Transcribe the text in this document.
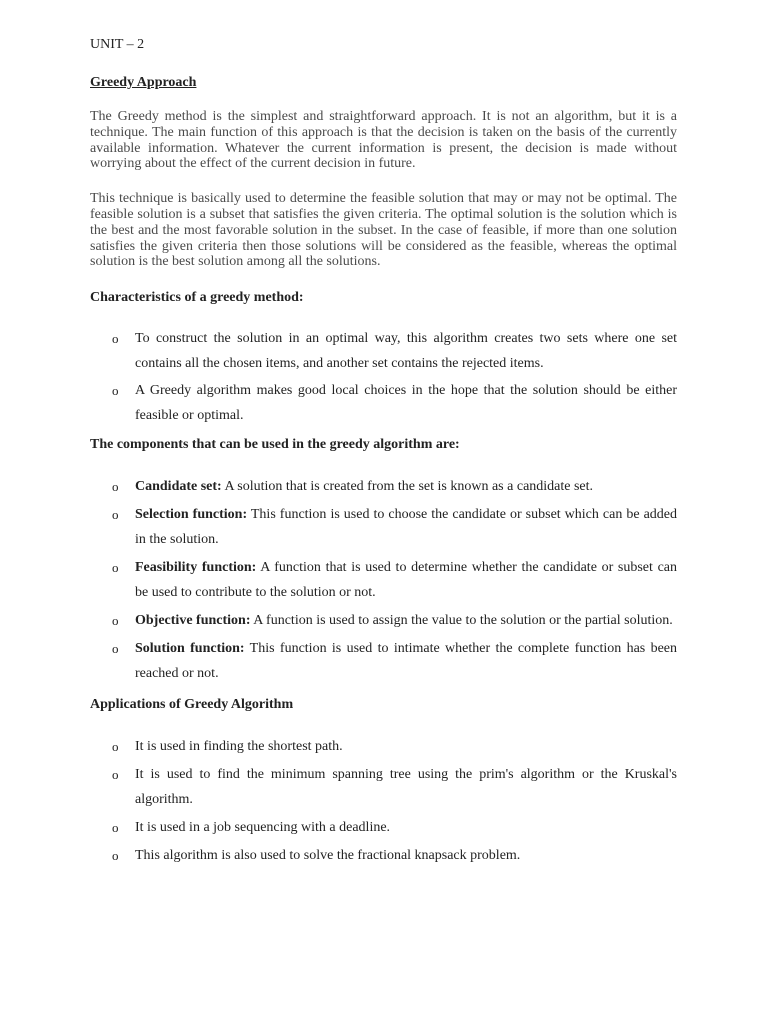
UNIT – 2
Greedy Approach

The Greedy method is the simplest and straightforward approach. It is not an algorithm, but it is a technique. The main function of this approach is that the decision is taken on the basis of the currently available information. Whatever the current information is present, the decision is made without worrying about the effect of the current decision in future.

This technique is basically used to determine the feasible solution that may or may not be optimal. The feasible solution is a subset that satisfies the given criteria. The optimal solution is the solution which is the best and the most favorable solution in the subset. In the case of feasible, if more than one solution satisfies the given criteria then those solutions will be considered as the feasible, whereas the optimal solution is the best solution among all the solutions.

Characteristics of a greedy method:
o To construct the solution in an optimal way, this algorithm creates two sets where one set contains all the chosen items, and another set contains the rejected items.
o A Greedy algorithm makes good local choices in the hope that the solution should be either feasible or optimal.
The components that can be used in the greedy algorithm are:
o Candidate set: A solution that is created from the set is known as a candidate set.
o Selection function: This function is used to choose the candidate or subset which can be added in the solution.
o Feasibility function: A function that is used to determine whether the candidate or subset can be used to contribute to the solution or not.
o Objective function: A function is used to assign the value to the solution or the partial solution.
o Solution function: This function is used to intimate whether the complete function has been reached or not.
Applications of Greedy Algorithm
o It is used in finding the shortest path.
o It is used to find the minimum spanning tree using the prim's algorithm or the Kruskal's algorithm.
o It is used in a job sequencing with a deadline.
o This algorithm is also used to solve the fractional knapsack problem.
